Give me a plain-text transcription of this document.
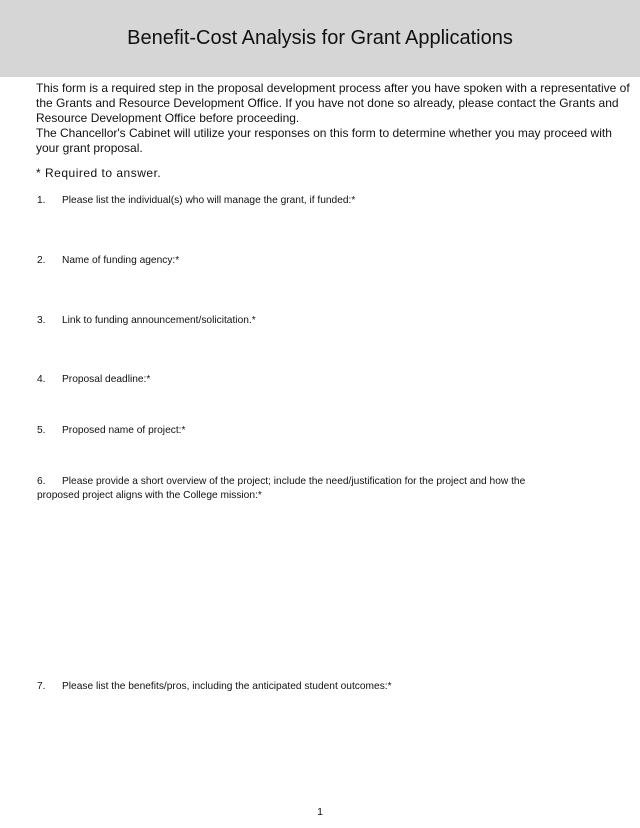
Benefit-Cost Analysis for Grant Applications

This form is a required step in the proposal development process after you have spoken with a representative of the Grants and Resource Development Office. If you have not done so already, please contact the Grants and Resource Development Office before proceeding.

The Chancellor's Cabinet will utilize your responses on this form to determine whether you may proceed with your grant proposal.

* Required to answer.
1. Please list the individual(s) who will manage the grant, if funded:*
2. Name of funding agency:*
3. Link to funding announcement/solicitation.*
4. Proposal deadline:*
5. Proposed name of project:*
6. Please provide a short overview of the project; include the need/justification for the project and how the proposed project aligns with the College mission:*
7. Please list the benefits/pros, including the anticipated student outcomes:*
1
